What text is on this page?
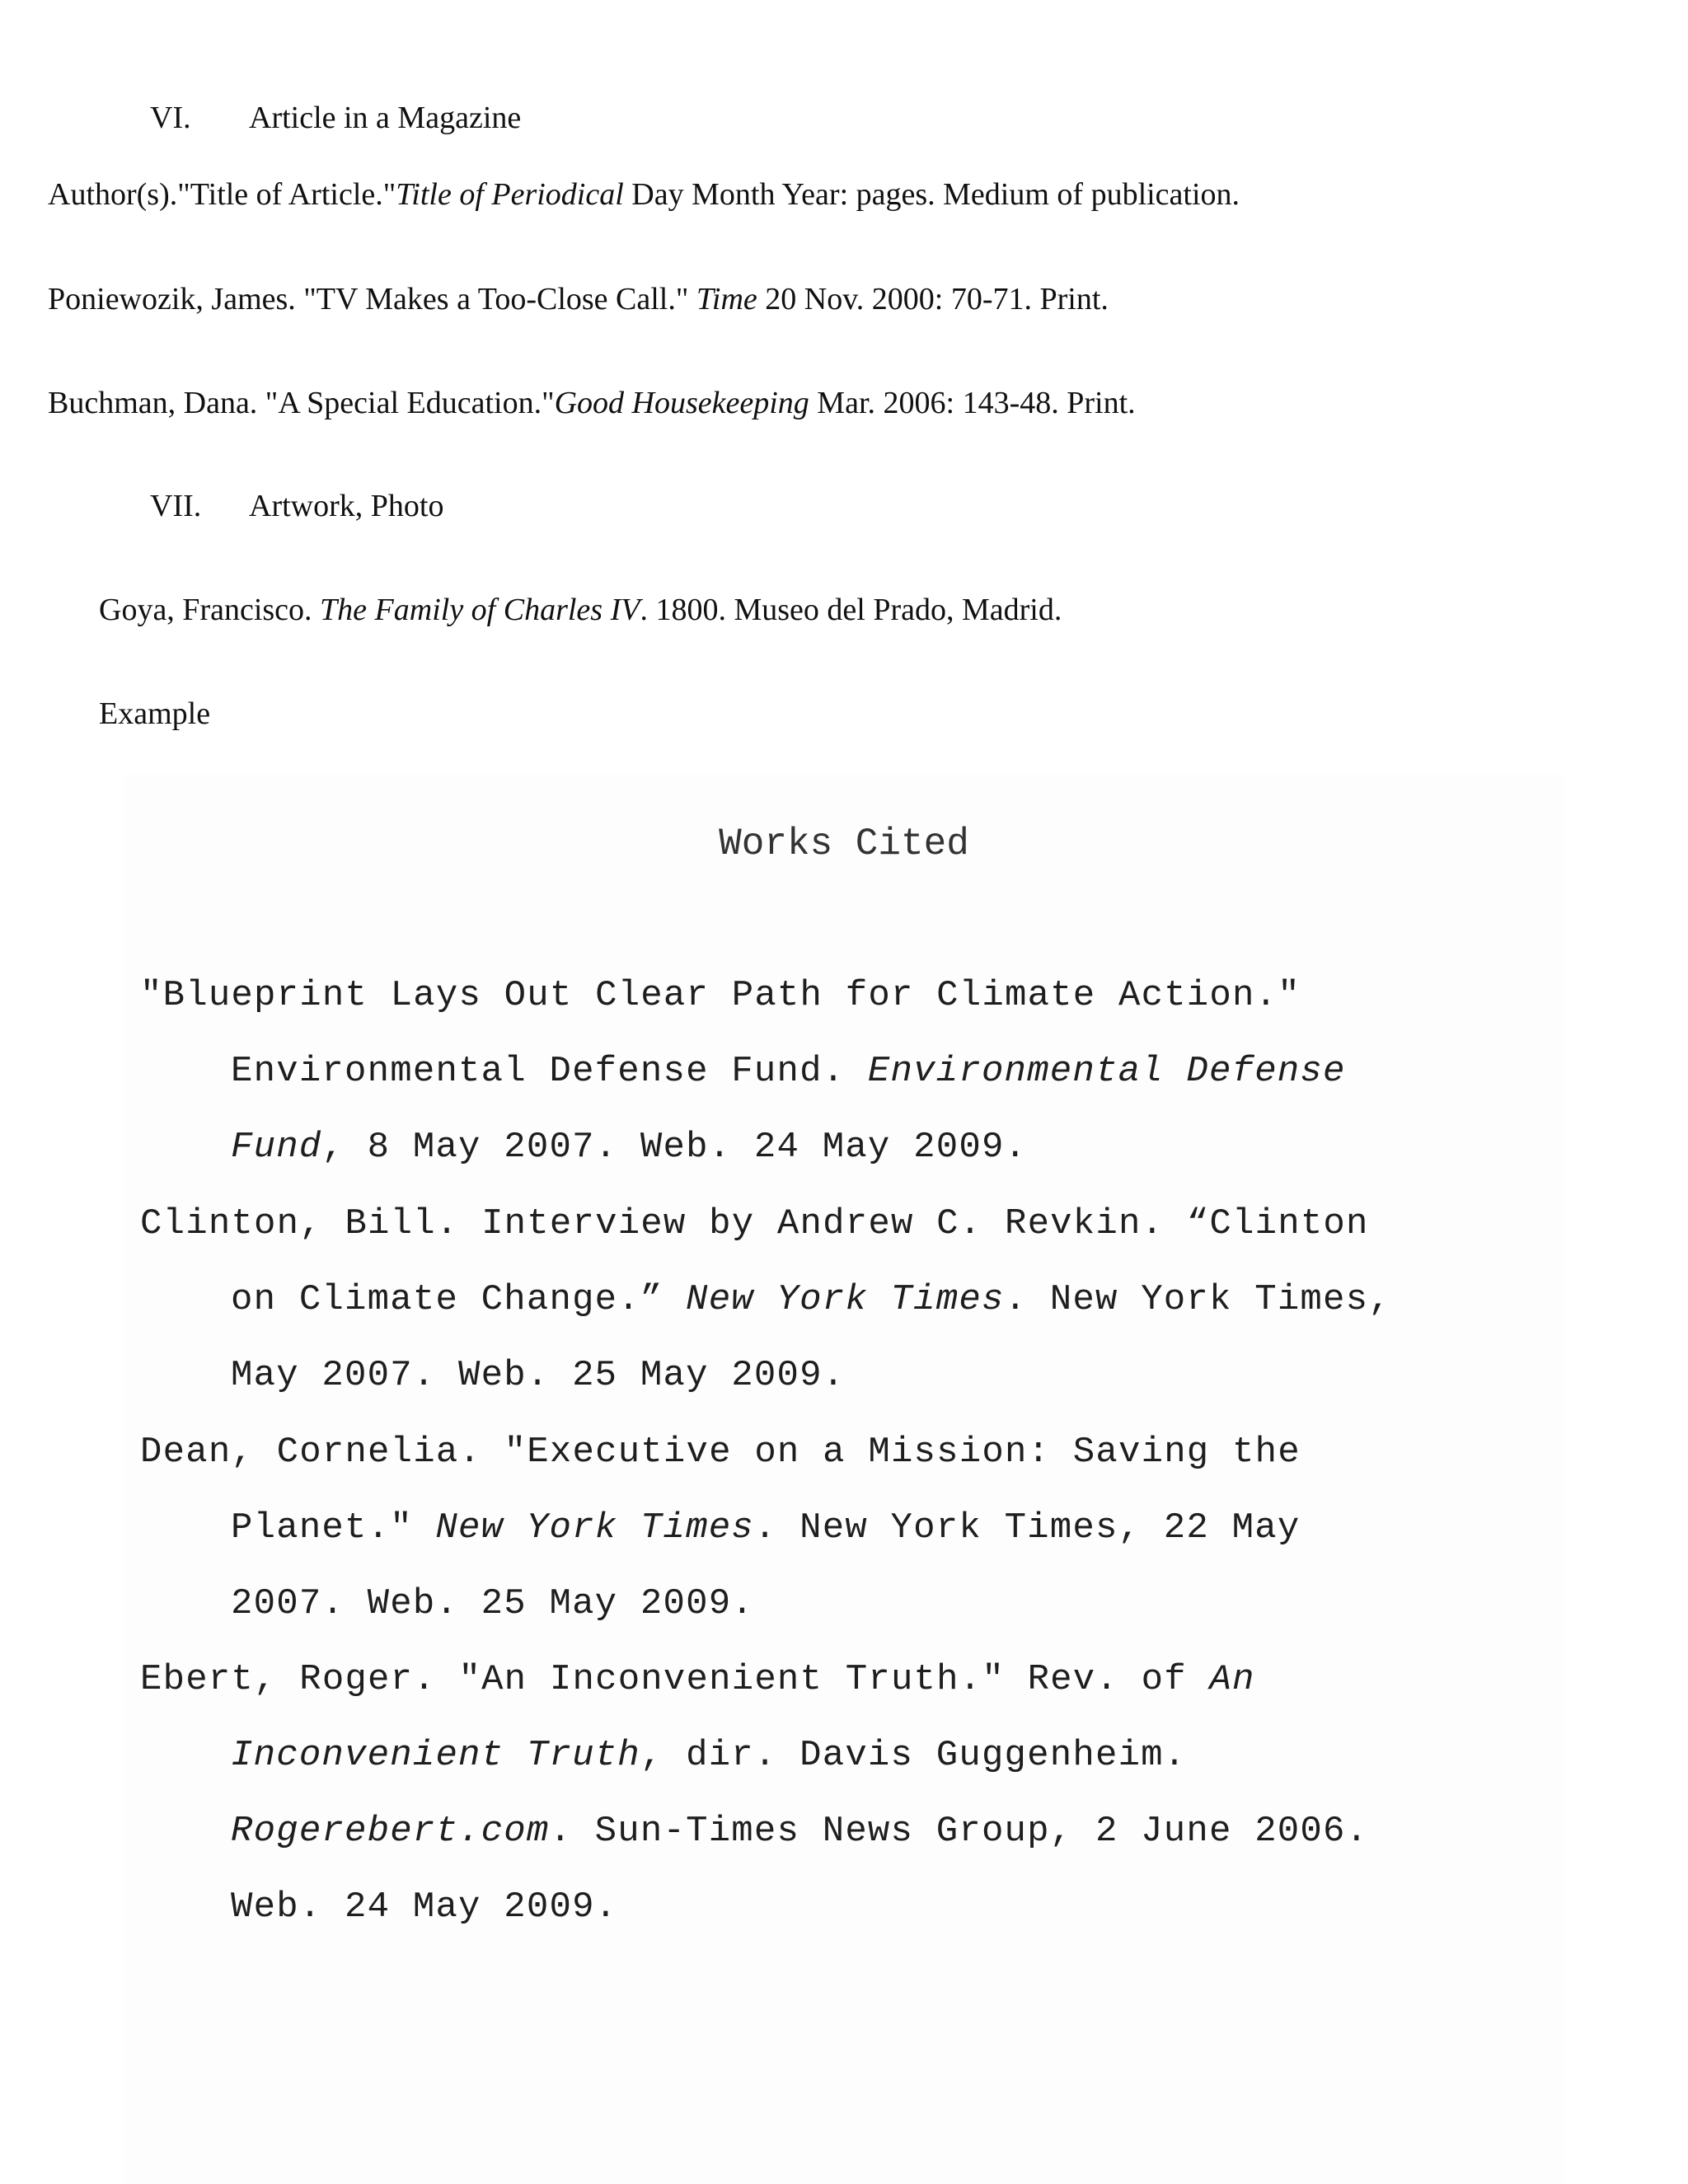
VI. Article in a Magazine
Author(s)."Title of Article."Title of Periodical Day Month Year: pages. Medium of publication.
Poniewozik, James. "TV Makes a Too-Close Call." Time 20 Nov. 2000: 70-71. Print.
Buchman, Dana. "A Special Education."Good Housekeeping Mar. 2006: 143-48. Print.
VII. Artwork, Photo
Goya, Francisco. The Family of Charles IV. 1800. Museo del Prado, Madrid.
Example
Works Cited
"Blueprint Lays Out Clear Path for Climate Action."
Environmental Defense Fund. Environmental Defense
Fund, 8 May 2007. Web. 24 May 2009.
Clinton, Bill. Interview by Andrew C. Revkin. “Clinton
on Climate Change.” New York Times. New York Times,
May 2007. Web. 25 May 2009.
Dean, Cornelia. "Executive on a Mission: Saving the
Planet." New York Times. New York Times, 22 May
2007. Web. 25 May 2009.
Ebert, Roger. "An Inconvenient Truth." Rev. of An
Inconvenient Truth, dir. Davis Guggenheim.
Rogerebert.com. Sun-Times News Group, 2 June 2006.
Web. 24 May 2009.
